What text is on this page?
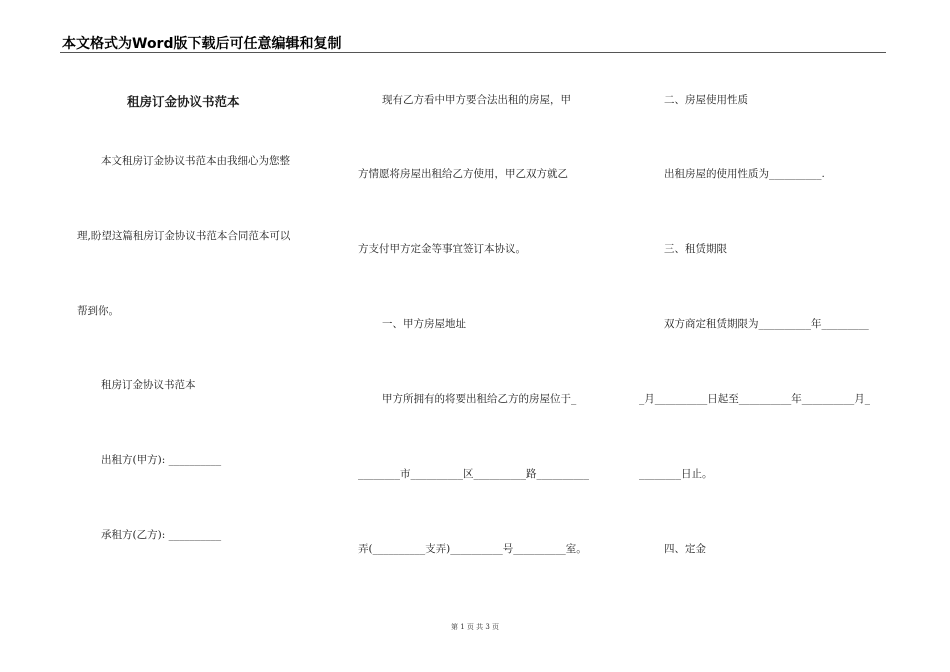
本文格式为Word版下载后可任意编辑和复制
租房订金协议书范本
本文租房订金协议书范本由我细心为您整
理,盼望这篇租房订金协议书范本合同范本可以
帮到你。
租房订金协议书范本
出租方(甲方): __________
承租方(乙方): __________
现有乙方看中甲方要合法出租的房屋，甲
方情愿将房屋出租给乙方使用，甲乙双方就乙
方支付甲方定金等事宜签订本协议。
一、甲方房屋地址
甲方所拥有的将要出租给乙方的房屋位于_
________市__________区__________路__________
弄(__________支弄)__________号__________室。
二、房屋使用性质
出租房屋的使用性质为__________.
三、租赁期限
双方商定租赁期限为__________年_________
_月__________日起至__________年__________月_
________日止。
四、定金
第 1 页 共 3 页
